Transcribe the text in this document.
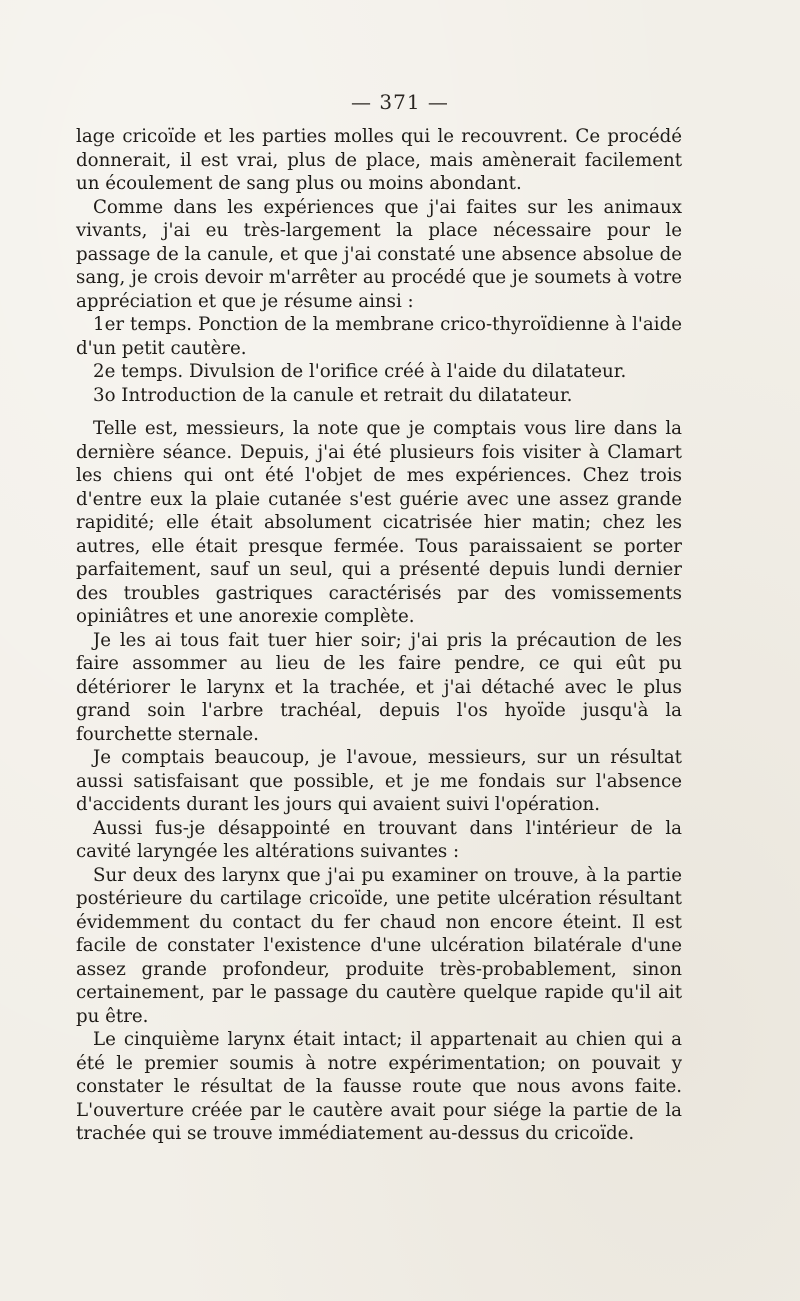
— 371 —

lage cricoïde et les parties molles qui le recouvrent. Ce procédé donnerait, il est vrai, plus de place, mais amènerait facilement un écoulement de sang plus ou moins abondant.

Comme dans les expériences que j'ai faites sur les animaux vivants, j'ai eu très-largement la place nécessaire pour le passage de la canule, et que j'ai constaté une absence absolue de sang, je crois devoir m'arrêter au procédé que je soumets à votre appréciation et que je résume ainsi :

1er temps. Ponction de la membrane crico-thyroïdienne à l'aide d'un petit cautère.

2e temps. Divulsion de l'orifice créé à l'aide du dilatateur.

3o Introduction de la canule et retrait du dilatateur.

Telle est, messieurs, la note que je comptais vous lire dans la dernière séance. Depuis, j'ai été plusieurs fois visiter à Clamart les chiens qui ont été l'objet de mes expériences. Chez trois d'entre eux la plaie cutanée s'est guérie avec une assez grande rapidité; elle était absolument cicatrisée hier matin; chez les autres, elle était presque fermée. Tous paraissaient se porter parfaitement, sauf un seul, qui a présenté depuis lundi dernier des troubles gastriques caractérisés par des vomissements opiniâtres et une anorexie complète.

Je les ai tous fait tuer hier soir; j'ai pris la précaution de les faire assommer au lieu de les faire pendre, ce qui eût pu détériorer le larynx et la trachée, et j'ai détaché avec le plus grand soin l'arbre trachéal, depuis l'os hyoïde jusqu'à la fourchette sternale.

Je comptais beaucoup, je l'avoue, messieurs, sur un résultat aussi satisfaisant que possible, et je me fondais sur l'absence d'accidents durant les jours qui avaient suivi l'opération.

Aussi fus-je désappointé en trouvant dans l'intérieur de la cavité laryngée les altérations suivantes :

Sur deux des larynx que j'ai pu examiner on trouve, à la partie postérieure du cartilage cricoïde, une petite ulcération résultant évidemment du contact du fer chaud non encore éteint. Il est facile de constater l'existence d'une ulcération bilatérale d'une assez grande profondeur, produite très-probablement, sinon certainement, par le passage du cautère quelque rapide qu'il ait pu être.

Le cinquième larynx était intact; il appartenait au chien qui a été le premier soumis à notre expérimentation; on pouvait y constater le résultat de la fausse route que nous avons faite. L'ouverture créée par le cautère avait pour siége la partie de la trachée qui se trouve immédiatement au-dessus du cricoïde.
